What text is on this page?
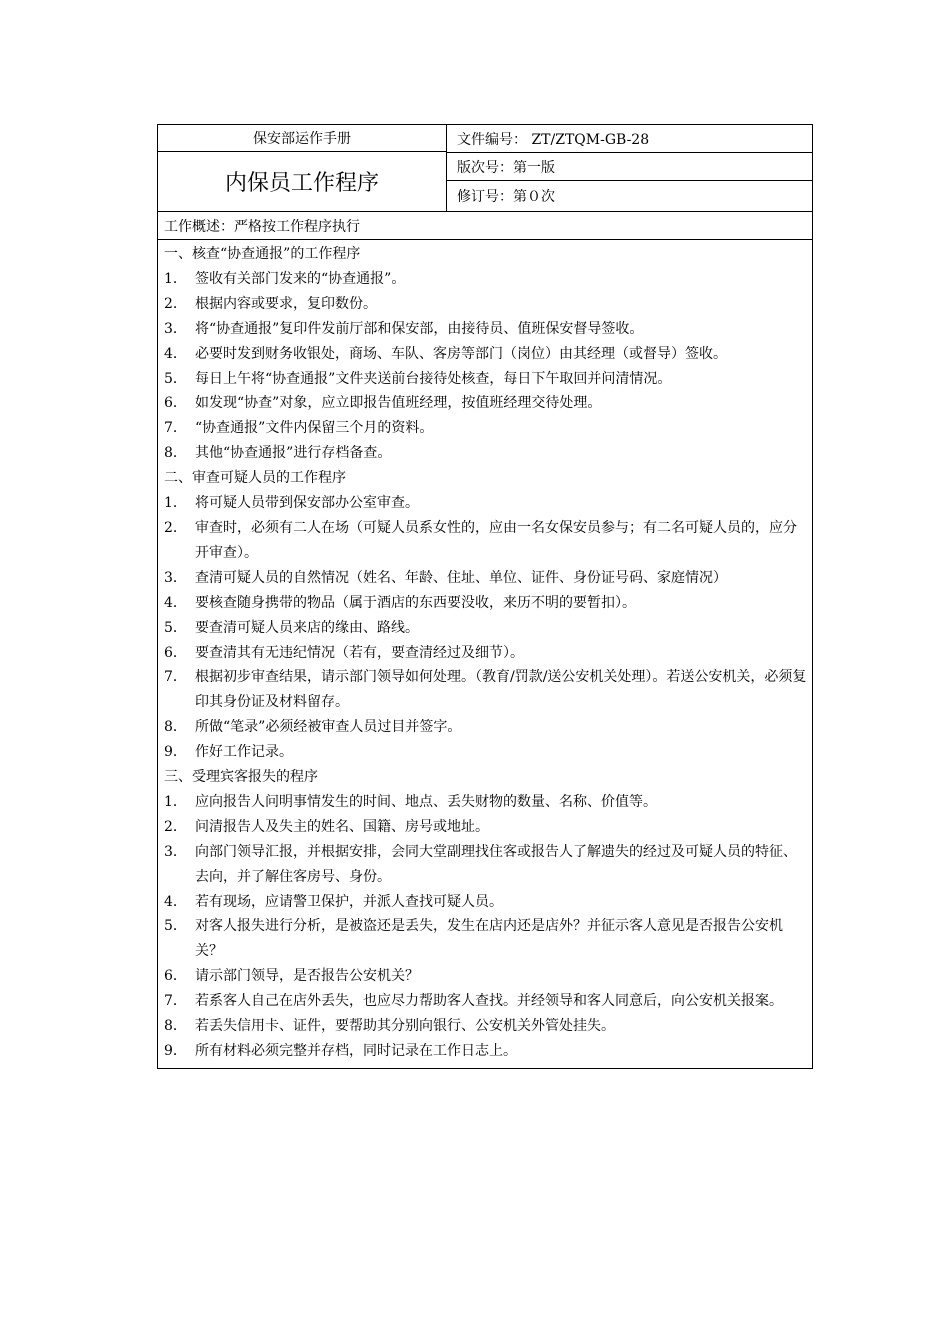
保安部运作手册
内保员工作程序
文件编号： ZT/ZTQM-GB-28
版次号：第一版
修订号：第０次
工作概述：严格按工作程序执行
一、核查“协查通报”的工作程序
1． 签收有关部门发来的“协查通报”。
2． 根据内容或要求，复印数份。
3． 将“协查通报”复印件发前厅部和保安部，由接待员、值班保安督导签收。
4． 必要时发到财务收银处，商场、车队、客房等部门（岗位）由其经理（或督导）签收。
5． 每日上午将“协查通报”文件夹送前台接待处核查，每日下午取回并问清情况。
6． 如发现“协查”对象，应立即报告值班经理，按值班经理交待处理。
7． “协查通报”文件内保留三个月的资料。
8． 其他“协查通报”进行存档备查。
二、审查可疑人员的工作程序
1． 将可疑人员带到保安部办公室审查。
2． 审查时，必须有二人在场（可疑人员系女性的，应由一名女保安员参与；有二名可疑人员的，应分开审查）。
3． 查清可疑人员的自然情况（姓名、年龄、住址、单位、证件、身份证号码、家庭情况）
4． 要核查随身携带的物品（属于酒店的东西要没收，来历不明的要暂扣）。
5． 要查清可疑人员来店的缘由、路线。
6． 要查清其有无违纪情况（若有，要查清经过及细节）。
7． 根据初步审查结果，请示部门领导如何处理。（教育/罚款/送公安机关处理）。若送公安机关，必须复印其身份证及材料留存。
8． 所做“笔录”必须经被审查人员过目并签字。
9． 作好工作记录。
三、受理宾客报失的程序
1． 应向报告人问明事情发生的时间、地点、丢失财物的数量、名称、价值等。
2． 问清报告人及失主的姓名、国籍、房号或地址。
3． 向部门领导汇报，并根据安排，会同大堂副理找住客或报告人了解遗失的经过及可疑人员的特征、去向，并了解住客房号、身份。
4． 若有现场，应请警卫保护，并派人查找可疑人员。
5． 对客人报失进行分析，是被盗还是丢失，发生在店内还是店外？并征示客人意见是否报告公安机关？
6． 请示部门领导，是否报告公安机关？
7． 若系客人自己在店外丢失，也应尽力帮助客人查找。并经领导和客人同意后，向公安机关报案。
8． 若丢失信用卡、证件，要帮助其分别向银行、公安机关外管处挂失。
9． 所有材料必须完整并存档，同时记录在工作日志上。
